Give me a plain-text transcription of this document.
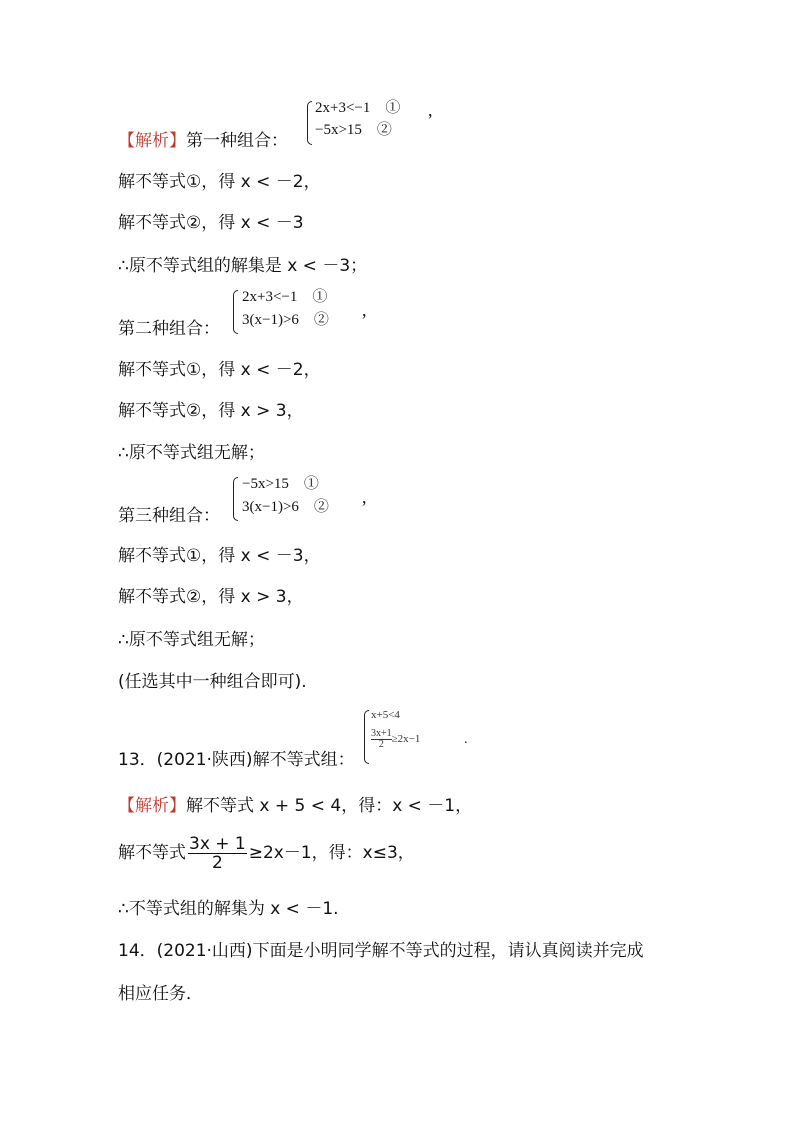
【解析】第一种组合：
2x+3<−1　①
−5x>15　②
,
解不等式①，得 x < －2，
解不等式②，得 x < －3
∴原不等式组的解集是 x < －3；
第二种组合：
2x+3<−1　①
3(x−1)>6　② ,
解不等式①，得 x < －2，
解不等式②，得 x > 3，
∴原不等式组无解；
第三种组合：
−5x>15　①
3(x−1)>6　② ,
解不等式①，得 x < －3，
解不等式②，得 x > 3，
∴原不等式组无解；
(任选其中一种组合即可).
13．(2021·陕西)解不等式组：
x+5<4
$\frac{3x+1}{2} \ge 2x-1$	.
【解析】解不等式 x + 5 < 4，得：x < －1，
解不等式 $\frac{3x + 1}{2} \ge 2x-1$，得：x≤3，
∴不等式组的解集为 x < －1.
14．(2021·山西)下面是小明同学解不等式的过程，请认真阅读并完成
相应任务．
